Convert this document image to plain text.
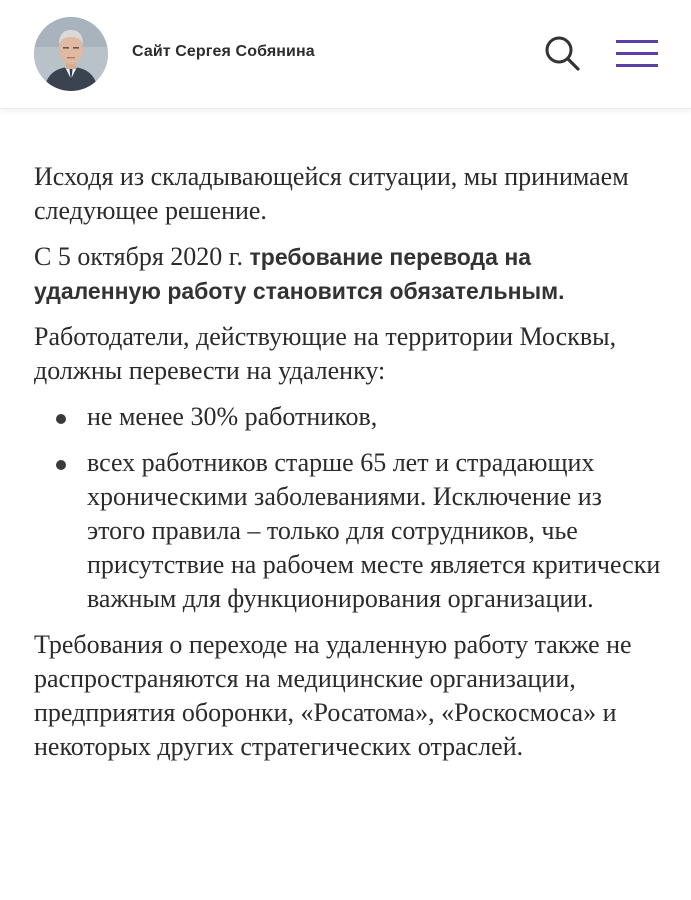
Сайт Сергея Собянина

Исходя из складывающейся ситуации, мы принимаем следующее решение.

С 5 октября 2020 г. требование перевода на удаленную работу становится обязательным.

Работодатели, действующие на территории Москвы, должны перевести на удаленку:

не менее 30% работников,
всех работников старше 65 лет и страдающих хроническими заболеваниями. Исключение из этого правила – только для сотрудников, чье присутствие на рабочем месте является критически важным для функционирования организации.

Требования о переходе на удаленную работу также не распространяются на медицинские организации, предприятия оборонки, «Росатома», «Роскосмоса» и некоторых других стратегических отраслей.
